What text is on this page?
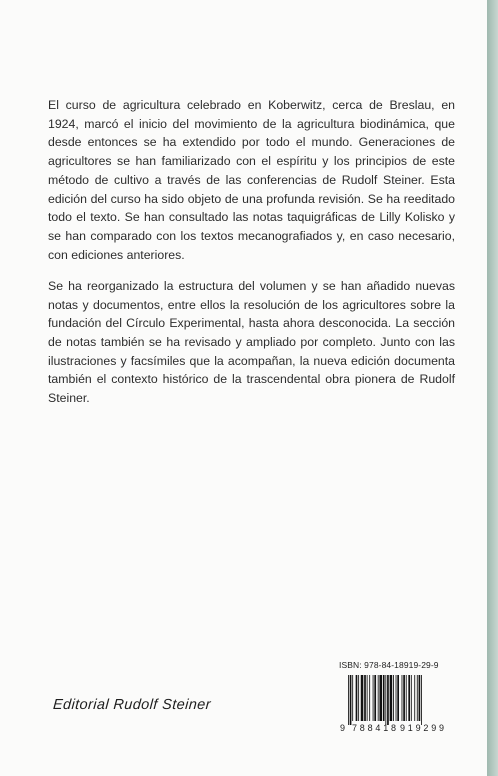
El curso de agricultura celebrado en Koberwitz, cerca de Breslau, en 1924, marcó el inicio del movimiento de la agricultura biodinámica, que desde entonces se ha extendido por todo el mundo. Generaciones de agricultores se han familiarizado con el espíritu y los principios de este método de cultivo a través de las conferencias de Rudolf Steiner. Esta edición del curso ha sido objeto de una profunda revisión. Se ha reeditado todo el texto. Se han consultado las notas taquigráficas de Lilly Kolisko y se han comparado con los textos mecanografiados y, en caso necesario, con ediciones anteriores.

Se ha reorganizado la estructura del volumen y se han añadido nuevas notas y documentos, entre ellos la resolución de los agricultores sobre la fundación del Círculo Experimental, hasta ahora desconocida. La sección de notas también se ha revisado y ampliado por completo. Junto con las ilustraciones y facsímiles que la acompañan, la nueva edición documenta también el contexto histórico de la trascendental obra pionera de Rudolf Steiner.

Editorial Rudolf Steiner
ISBN: 978-84-18919-29-9
9 788418 919299
